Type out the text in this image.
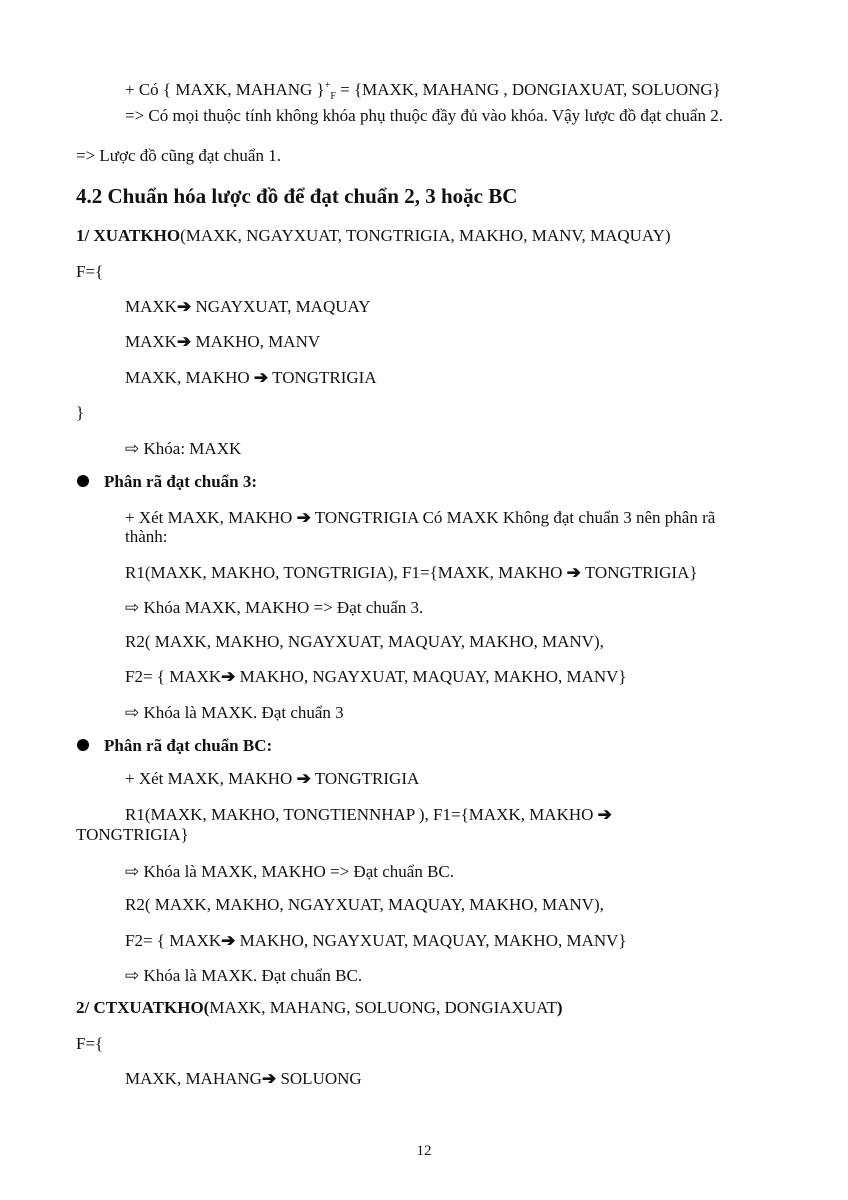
+ Có { MAXK, MAHANG }$^+_F$ = {MAXK, MAHANG , DONGIAXUAT, SOLUONG}
=> Có mọi thuộc tính không khóa phụ thuộc đầy đủ vào khóa. Vậy lược đồ đạt chuẩn 2.
=> Lược đồ cũng đạt chuẩn 1.
4.2 Chuẩn hóa lược đồ để đạt chuẩn 2, 3 hoặc BC
1/ XUATKHO(MAXK, NGAYXUAT, TONGTRIGIA, MAKHO, MANV, MAQUAY)
F={
MAXK➔ NGAYXUAT, MAQUAY
MAXK➔ MAKHO, MANV
MAXK, MAKHO ➔ TONGTRIGIA
}
⇨ Khóa: MAXK
Phân rã đạt chuẩn 3:
+ Xét MAXK, MAKHO ➔ TONGTRIGIA Có MAXK Không đạt chuẩn 3 nên phân rã
thành:
R1(MAXK, MAKHO, TONGTRIGIA), F1={MAXK, MAKHO ➔ TONGTRIGIA}
⇨ Khóa MAXK, MAKHO => Đạt chuẩn 3.
R2( MAXK, MAKHO, NGAYXUAT, MAQUAY, MAKHO, MANV),
F2= { MAXK➔ MAKHO, NGAYXUAT, MAQUAY, MAKHO, MANV}
⇨ Khóa là MAXK. Đạt chuẩn 3
Phân rã đạt chuẩn BC:
+ Xét MAXK, MAKHO ➔ TONGTRIGIA
R1(MAXK, MAKHO, TONGTIENNHAP ), F1={MAXK, MAKHO ➔
TONGTRIGIA}
⇨ Khóa là MAXK, MAKHO => Đạt chuẩn BC.
R2( MAXK, MAKHO, NGAYXUAT, MAQUAY, MAKHO, MANV),
F2= { MAXK➔ MAKHO, NGAYXUAT, MAQUAY, MAKHO, MANV}
⇨ Khóa là MAXK. Đạt chuẩn BC.
2/ CTXUATKHO(MAXK, MAHANG, SOLUONG, DONGIAXUAT)
F={
MAXK, MAHANG➔ SOLUONG
12
